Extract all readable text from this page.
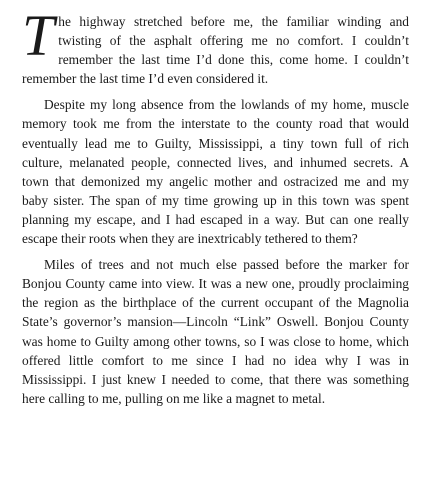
The highway stretched before me, the familiar winding and twisting of the asphalt offering me no comfort. I couldn’t remember the last time I’d done this, come home. I couldn’t remember the last time I’d even considered it.

Despite my long absence from the lowlands of my home, muscle memory took me from the interstate to the county road that would eventually lead me to Guilty, Mississippi, a tiny town full of rich culture, melanated people, connected lives, and inhumed secrets. A town that demonized my angelic mother and ostracized me and my baby sister. The span of my time growing up in this town was spent planning my escape, and I had escaped in a way. But can one really escape their roots when they are inextricably tethered to them?

Miles of trees and not much else passed before the marker for Bonjou County came into view. It was a new one, proudly proclaiming the region as the birthplace of the current occupant of the Magnolia State’s governor’s mansion—Lincoln “Link” Oswell. Bonjou County was home to Guilty among other towns, so I was close to home, which offered little comfort to me since I had no idea why I was in Mississippi. I just knew I needed to come, that there was something here calling to me, pulling on me like a magnet to metal.
